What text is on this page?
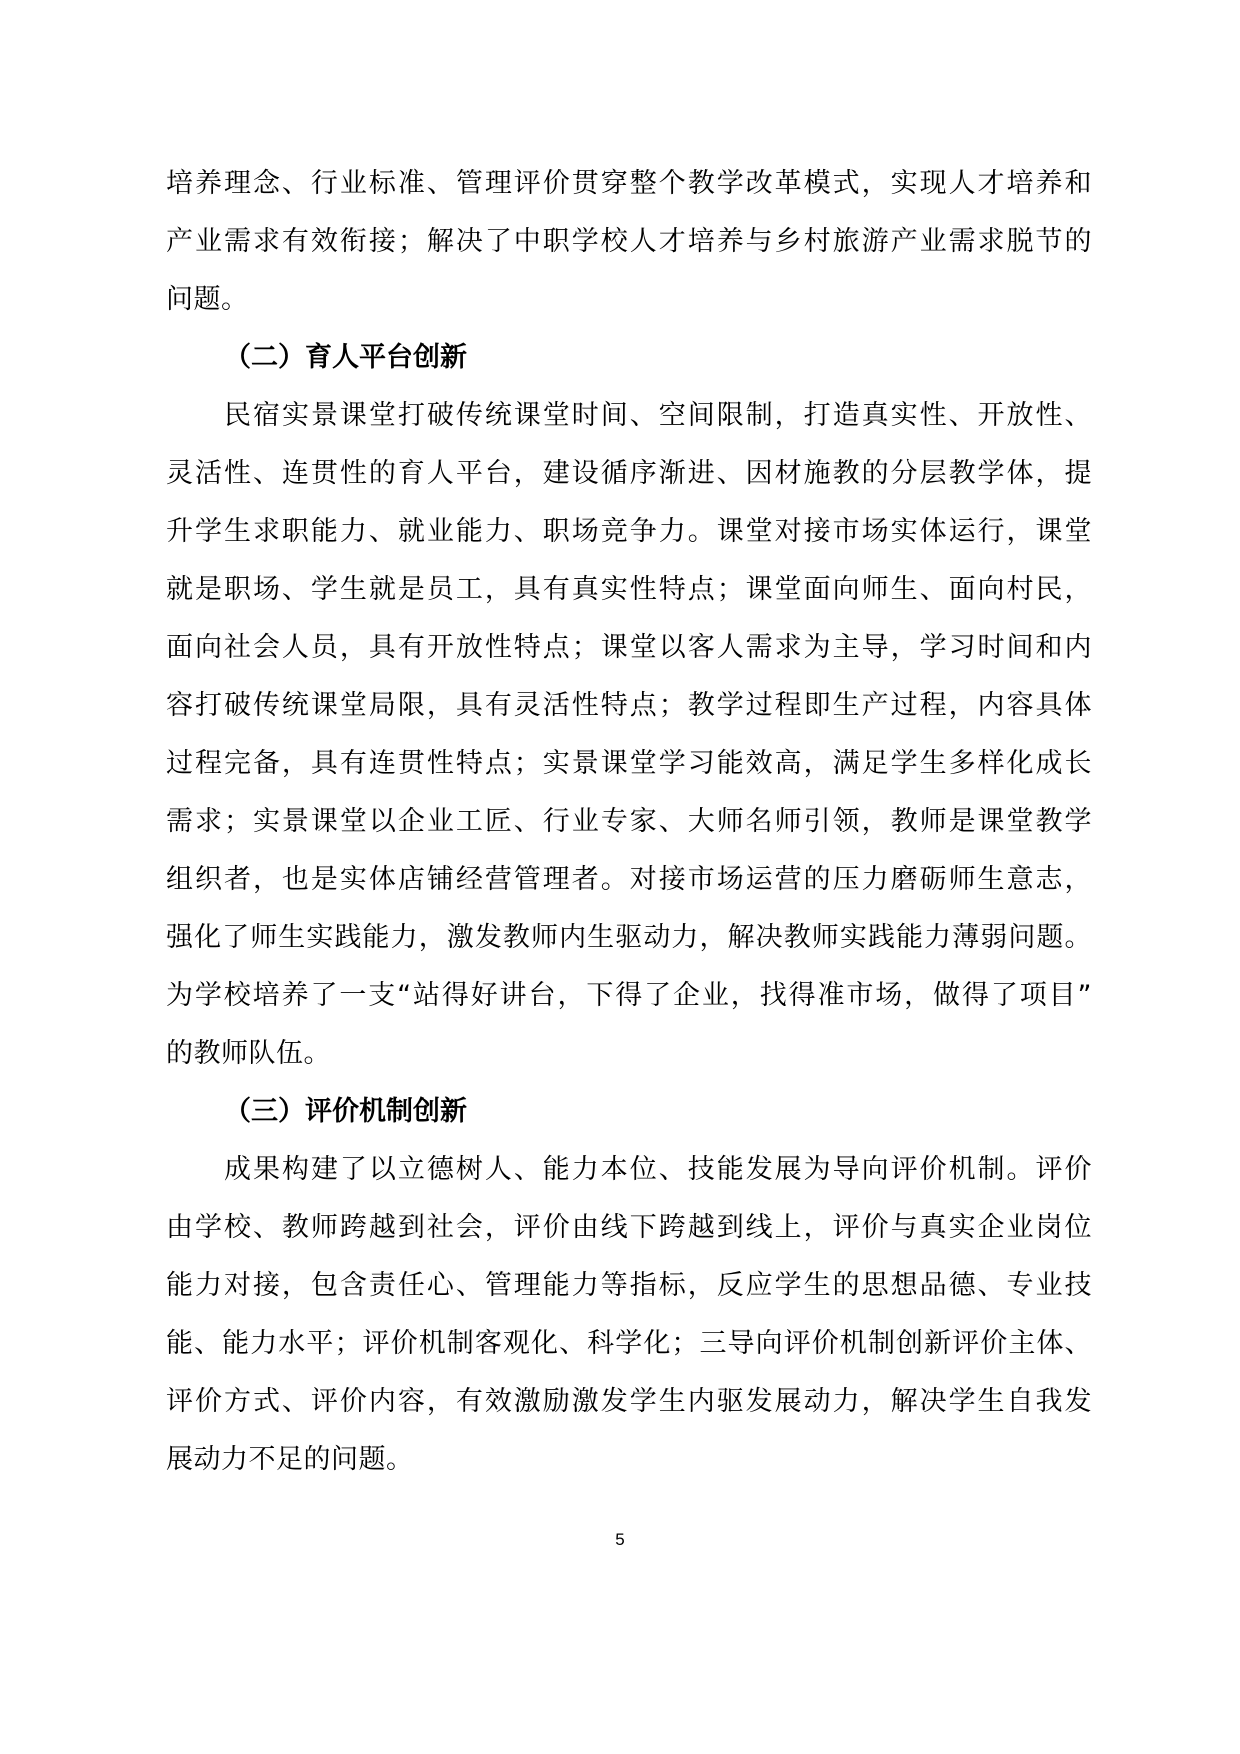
培养理念、行业标准、管理评价贯穿整个教学改革模式，实现人才培养和
产业需求有效衔接；解决了中职学校人才培养与乡村旅游产业需求脱节的
问题。
（二）育人平台创新
民宿实景课堂打破传统课堂时间、空间限制，打造真实性、开放性、
灵活性、连贯性的育人平台，建设循序渐进、因材施教的分层教学体，提
升学生求职能力、就业能力、职场竞争力。课堂对接市场实体运行，课堂
就是职场、学生就是员工，具有真实性特点；课堂面向师生、面向村民，
面向社会人员，具有开放性特点；课堂以客人需求为主导，学习时间和内
容打破传统课堂局限，具有灵活性特点；教学过程即生产过程，内容具体
过程完备，具有连贯性特点；实景课堂学习能效高，满足学生多样化成长
需求；实景课堂以企业工匠、行业专家、大师名师引领，教师是课堂教学
组织者，也是实体店铺经营管理者。对接市场运营的压力磨砺师生意志，
强化了师生实践能力，激发教师内生驱动力，解决教师实践能力薄弱问题。
为学校培养了一支“站得好讲台，下得了企业，找得准市场，做得了项目”
的教师队伍。
（三）评价机制创新
成果构建了以立德树人、能力本位、技能发展为导向评价机制。评价
由学校、教师跨越到社会，评价由线下跨越到线上，评价与真实企业岗位
能力对接，包含责任心、管理能力等指标，反应学生的思想品德、专业技
能、能力水平；评价机制客观化、科学化；三导向评价机制创新评价主体、
评价方式、评价内容，有效激励激发学生内驱发展动力，解决学生自我发
展动力不足的问题。
5
